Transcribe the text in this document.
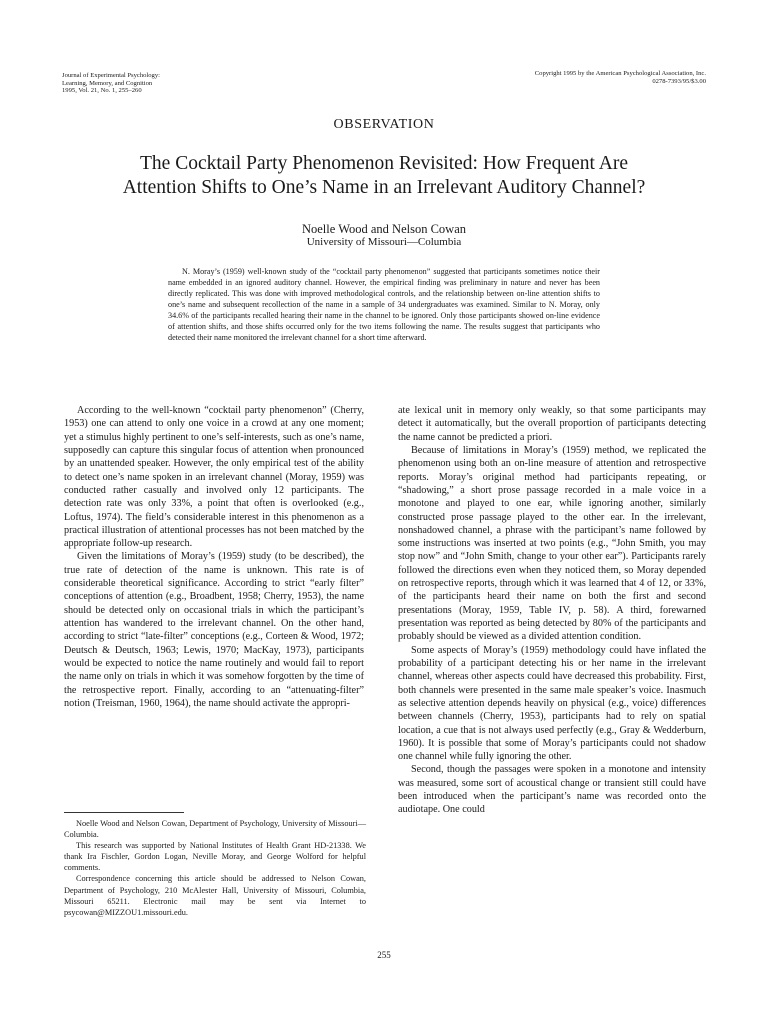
Journal of Experimental Psychology:
Learning, Memory, and Cognition
1995, Vol. 21, No. 1, 255–260
Copyright 1995 by the American Psychological Association, Inc.
0278-7393/95/$3.00
OBSERVATION
The Cocktail Party Phenomenon Revisited: How Frequent Are
Attention Shifts to One’s Name in an Irrelevant Auditory Channel?
Noelle Wood and Nelson Cowan
University of Missouri—Columbia

N. Moray’s (1959) well-known study of the “cocktail party phenomenon” suggested that participants sometimes notice their name embedded in an ignored auditory channel. However, the empirical finding was preliminary in nature and never has been directly replicated. This was done with improved methodological controls, and the relationship between on-line attention shifts to one’s name and subsequent recollection of the name in a sample of 34 undergraduates was examined. Similar to N. Moray, only 34.6% of the participants recalled hearing their name in the channel to be ignored. Only those participants showed on-line evidence of attention shifts, and those shifts occurred only for the two items following the name. The results suggest that participants who detected their name monitored the irrelevant channel for a short time afterward.

According to the well-known “cocktail party phenomenon” (Cherry, 1953) one can attend to only one voice in a crowd at any one moment; yet a stimulus highly pertinent to one’s self-interests, such as one’s name, supposedly can capture this singular focus of attention when pronounced by an unattended speaker. However, the only empirical test of the ability to detect one’s name spoken in an irrelevant channel (Moray, 1959) was conducted rather casually and involved only 12 participants. The detection rate was only 33%, a point that often is overlooked (e.g., Loftus, 1974). The field’s considerable interest in this phenomenon as a practical illustration of attentional processes has not been matched by the appropriate follow-up research.

Given the limitations of Moray’s (1959) study (to be described), the true rate of detection of the name is unknown. This rate is of considerable theoretical significance. According to strict “early filter” conceptions of attention (e.g., Broadbent, 1958; Cherry, 1953), the name should be detected only on occasional trials in which the participant’s attention has wandered to the irrelevant channel. On the other hand, according to strict “late-filter” conceptions (e.g., Corteen & Wood, 1972; Deutsch & Deutsch, 1963; Lewis, 1970; MacKay, 1973), participants would be expected to notice the name routinely and would fail to report the name only on trials in which it was somehow forgotten by the time of the retrospective report. Finally, according to an “attenuating-filter” notion (Treisman, 1960, 1964), the name should activate the appropri-

ate lexical unit in memory only weakly, so that some participants may detect it automatically, but the overall proportion of participants detecting the name cannot be predicted a priori.

Because of limitations in Moray’s (1959) method, we replicated the phenomenon using both an on-line measure of attention and retrospective reports. Moray’s original method had participants repeating, or “shadowing,” a short prose passage recorded in a male voice in a monotone and played to one ear, while ignoring another, similarly constructed prose passage played to the other ear. In the irrelevant, nonshadowed channel, a phrase with the participant’s name followed by some instructions was inserted at two points (e.g., “John Smith, you may stop now” and “John Smith, change to your other ear”). Participants rarely followed the directions even when they noticed them, so Moray depended on retrospective reports, through which it was learned that 4 of 12, or 33%, of the participants heard their name on both the first and second presentations (Moray, 1959, Table IV, p. 58). A third, forewarned presentation was reported as being detected by 80% of the participants and probably should be viewed as a divided attention condition.

Some aspects of Moray’s (1959) methodology could have inflated the probability of a participant detecting his or her name in the irrelevant channel, whereas other aspects could have decreased this probability. First, both channels were presented in the same male speaker’s voice. Inasmuch as selective attention depends heavily on physical (e.g., voice) differences between channels (Cherry, 1953), participants had to rely on spatial location, a cue that is not always used perfectly (e.g., Gray & Wedderburn, 1960). It is possible that some of Moray’s participants could not shadow one channel while fully ignoring the other.

Second, though the passages were spoken in a monotone and intensity was measured, some sort of acoustical change or transient still could have been introduced when the participant’s name was recorded onto the audiotape. One could

Noelle Wood and Nelson Cowan, Department of Psychology, University of Missouri—Columbia.

This research was supported by National Institutes of Health Grant HD-21338. We thank Ira Fischler, Gordon Logan, Neville Moray, and George Wolford for helpful comments.

Correspondence concerning this article should be addressed to Nelson Cowan, Department of Psychology, 210 McAlester Hall, University of Missouri, Columbia, Missouri 65211. Electronic mail may be sent via Internet to psycowan@MIZZOU1.missouri.edu.

255
